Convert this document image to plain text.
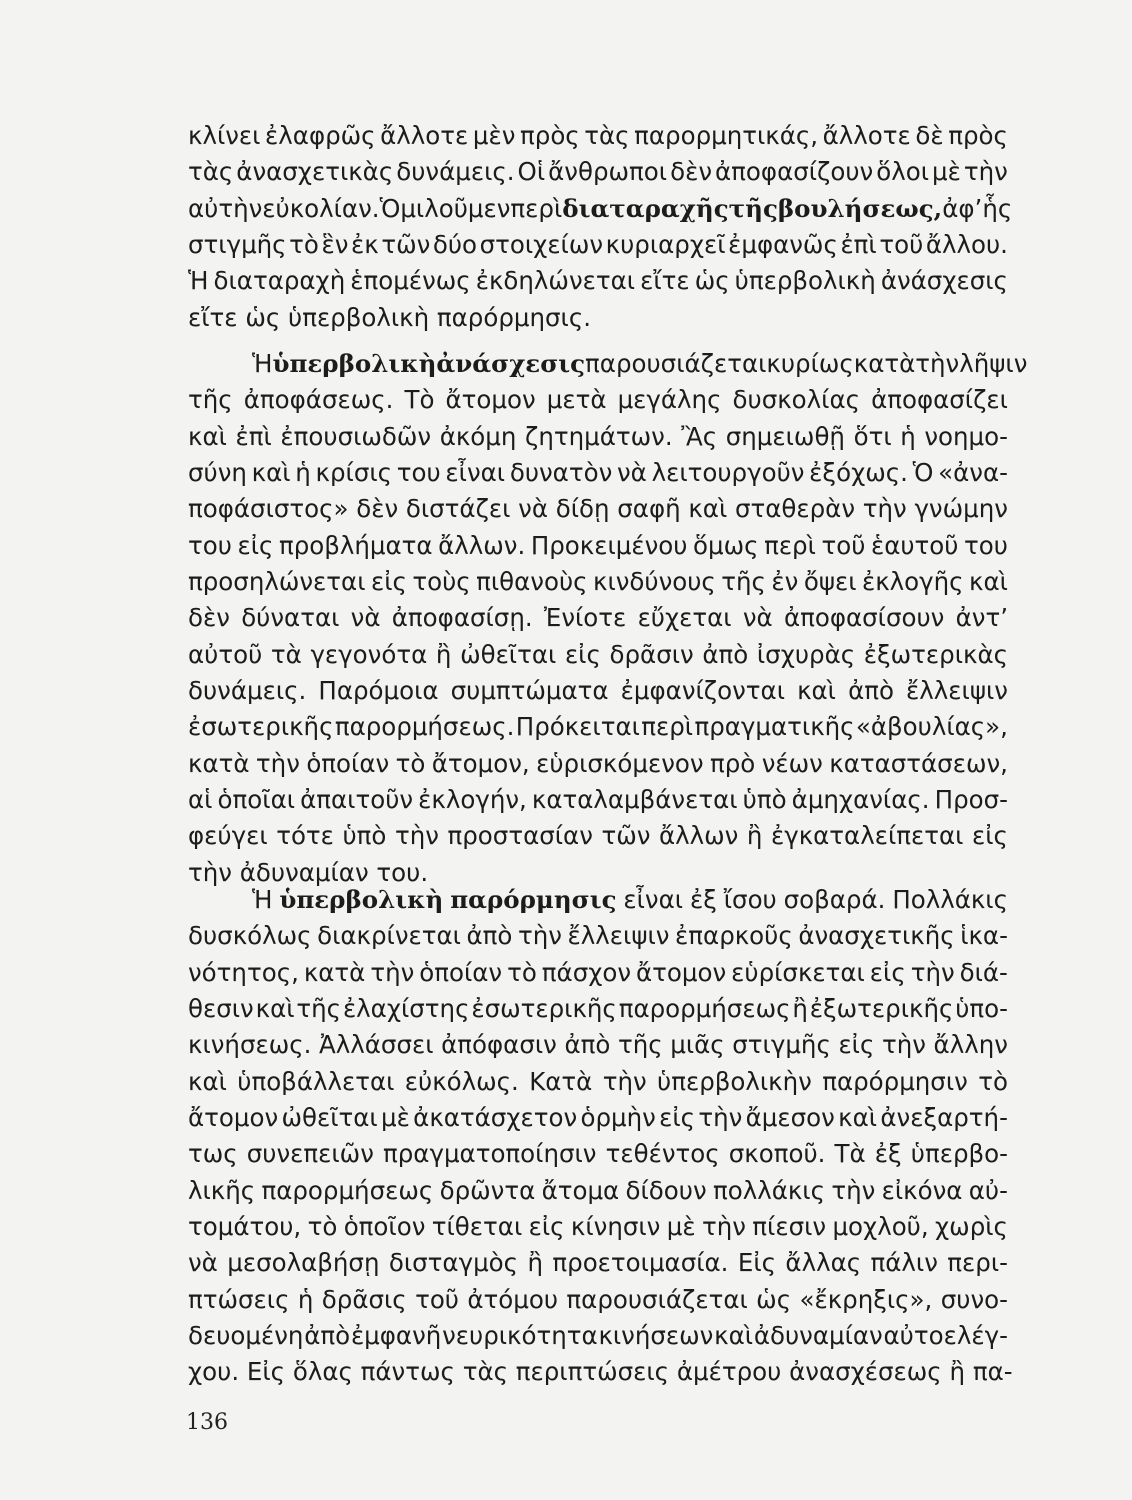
κλίνει ἐλαφρῶς ἄλλοτε μὲν πρὸς τὰς παρορμητικάς, ἄλλοτε δὲ πρὸς
τὰς ἀνασχετικὰς δυνάμεις. Οἱ ἄνθρωποι δὲν ἀποφασίζουν ὅλοι μὲ τὴν
αὐτὴν εὐκολίαν. Ὁμιλοῦμεν περὶ διαταραχῆς τῆς βουλήσεως, ἀφ’ ἧς
στιγμῆς τὸ ἓν ἐκ τῶν δύο στοιχείων κυριαρχεῖ ἐμφανῶς ἐπὶ τοῦ ἄλλου.
Ἡ διαταραχὴ ἑπομένως ἐκδηλώνεται εἴτε ὡς ὑπερβολικὴ ἀνάσχεσις
εἴτε ὡς ὑπερβολικὴ παρόρμησις.
Ἡ ὑπερβολικὴ ἀνάσχεσις παρουσιάζεται κυρίως κατὰ τὴν λῆψιν
τῆς ἀποφάσεως. Τὸ ἄτομον μετὰ μεγάλης δυσκολίας ἀποφασίζει
καὶ ἐπὶ ἐπουσιωδῶν ἀκόμη ζητημάτων. Ἂς σημειωθῇ ὅτι ἡ νοημο-
σύνη καὶ ἡ κρίσις του εἶναι δυνατὸν νὰ λειτουργοῦν ἐξόχως. Ὁ «ἀνα-
ποφάσιστος» δὲν διστάζει νὰ δίδῃ σαφῆ καὶ σταθερὰν τὴν γνώμην
του εἰς προβλήματα ἄλλων. Προκειμένου ὅμως περὶ τοῦ ἑαυτοῦ του
προσηλώνεται εἰς τοὺς πιθανοὺς κινδύνους τῆς ἐν ὄψει ἐκλογῆς καὶ
δὲν δύναται νὰ ἀποφασίσῃ. Ἐνίοτε εὔχεται νὰ ἀποφασίσουν ἀντ’
αὐτοῦ τὰ γεγονότα ἢ ὠθεῖται εἰς δρᾶσιν ἀπὸ ἰσχυρὰς ἐξωτερικὰς
δυνάμεις. Παρόμοια συμπτώματα ἐμφανίζονται καὶ ἀπὸ ἔλλειψιν
ἐσωτερικῆς παρορμήσεως. Πρόκειται περὶ πραγματικῆς «ἀβουλίας»,
κατὰ τὴν ὁποίαν τὸ ἄτομον, εὑρισκόμενον πρὸ νέων καταστάσεων,
αἱ ὁποῖαι ἀπαιτοῦν ἐκλογήν, καταλαμβάνεται ὑπὸ ἀμηχανίας. Προσ-
φεύγει τότε ὑπὸ τὴν προστασίαν τῶν ἄλλων ἢ ἐγκαταλείπεται εἰς
τὴν ἀδυναμίαν του.
Ἡ ὑπερβολικὴ παρόρμησις εἶναι ἐξ ἴσου σοβαρά. Πολλάκις
δυσκόλως διακρίνεται ἀπὸ τὴν ἔλλειψιν ἐπαρκοῦς ἀνασχετικῆς ἱκα-
νότητος, κατὰ τὴν ὁποίαν τὸ πάσχον ἄτομον εὑρίσκεται εἰς τὴν διά-
θεσιν καὶ τῆς ἐλαχίστης ἐσωτερικῆς παρορμήσεως ἢ ἐξωτερικῆς ὑπο-
κινήσεως. Ἀλλάσσει ἀπόφασιν ἀπὸ τῆς μιᾶς στιγμῆς εἰς τὴν ἄλλην
καὶ ὑποβάλλεται εὐκόλως. Κατὰ τὴν ὑπερβολικὴν παρόρμησιν τὸ
ἄτομον ὠθεῖται μὲ ἀκατάσχετον ὁρμὴν εἰς τὴν ἄμεσον καὶ ἀνεξαρτή-
τως συνεπειῶν πραγματοποίησιν τεθέντος σκοποῦ. Τὰ ἐξ ὑπερβο-
λικῆς παρορμήσεως δρῶντα ἄτομα δίδουν πολλάκις τὴν εἰκόνα αὐ-
τομάτου, τὸ ὁποῖον τίθεται εἰς κίνησιν μὲ τὴν πίεσιν μοχλοῦ, χωρὶς
νὰ μεσολαβήσῃ δισταγμὸς ἢ προετοιμασία. Εἰς ἄλλας πάλιν περι-
πτώσεις ἡ δρᾶσις τοῦ ἀτόμου παρουσιάζεται ὡς «ἔκρηξις», συνο-
δευομένη ἀπὸ ἐμφανῆ νευρικότητα κινήσεων καὶ ἀδυναμίαν αὐτοελέγ-
χου. Εἰς ὅλας πάντως τὰς περιπτώσεις ἀμέτρου ἀνασχέσεως ἢ πα-
136
